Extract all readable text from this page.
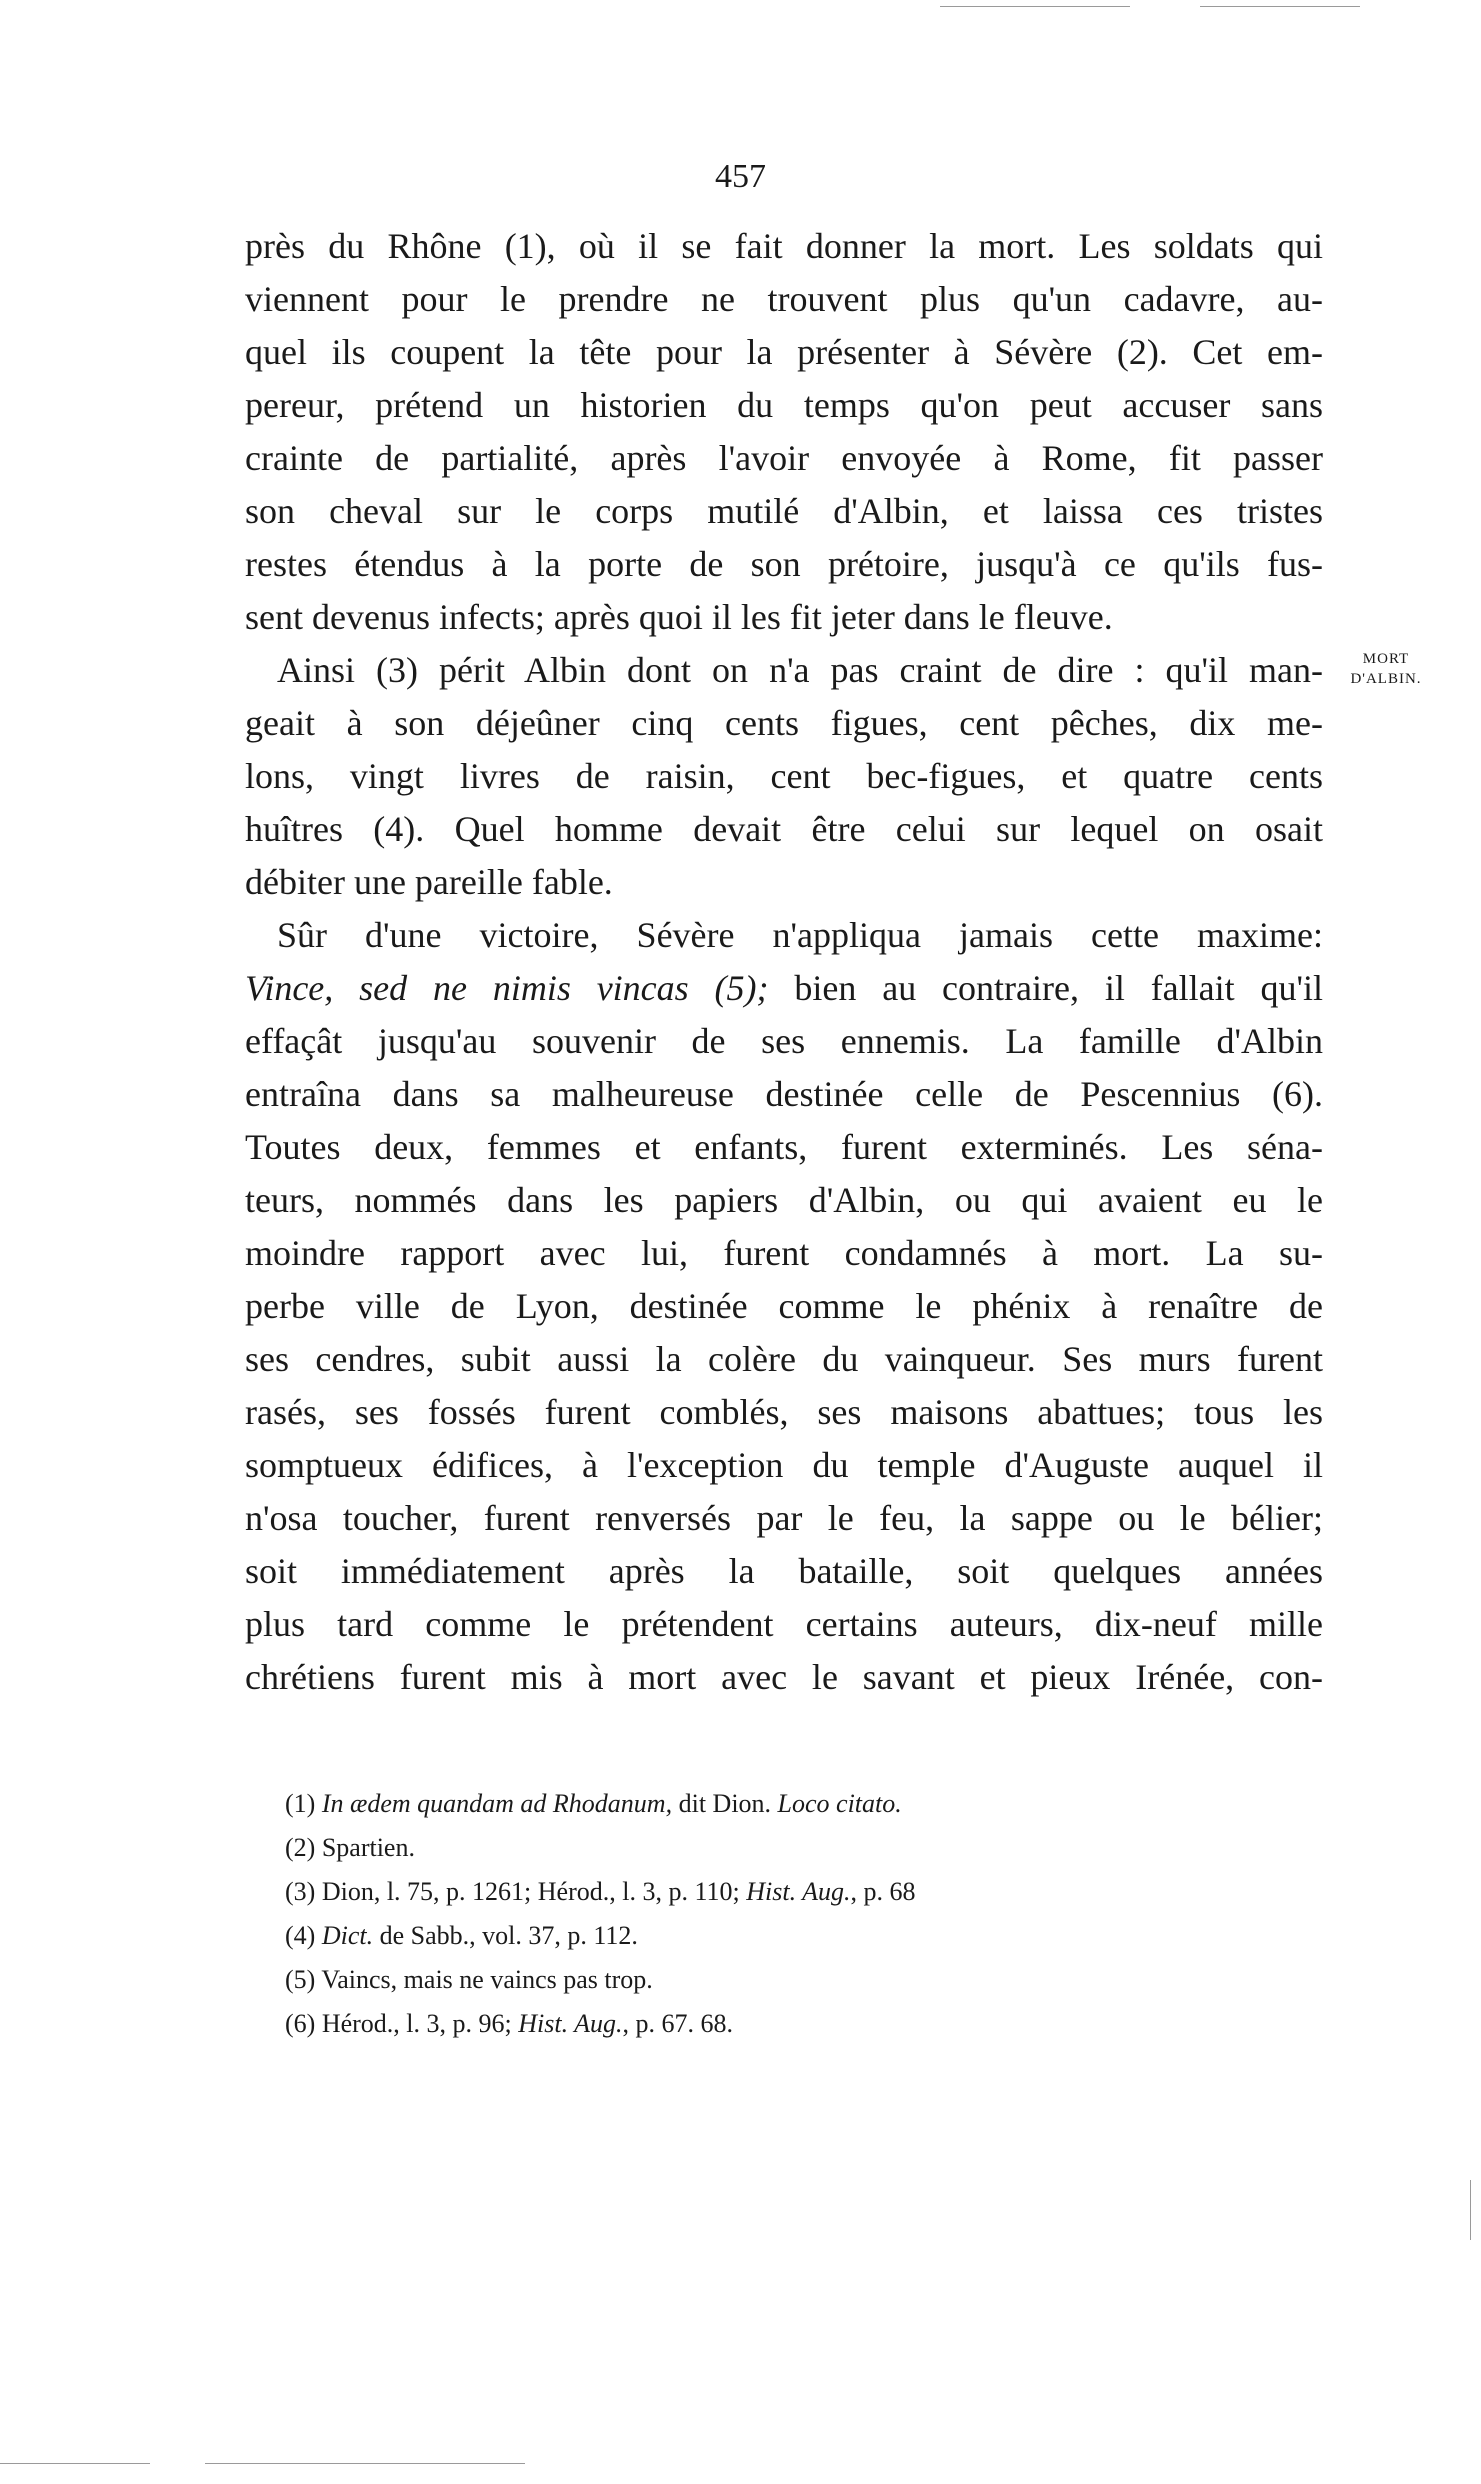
457
près du Rhône (1), où il se fait donner la mort. Les soldats qui
viennent pour le prendre ne trouvent plus qu'un cadavre, au-
quel ils coupent la tête pour la présenter à Sévère (2). Cet em-
pereur, prétend un historien du temps qu'on peut accuser sans
crainte de partialité, après l'avoir envoyée à Rome, fit passer
son cheval sur le corps mutilé d'Albin, et laissa ces tristes
restes étendus à la porte de son prétoire, jusqu'à ce qu'ils fus-
sent devenus infects; après quoi il les fit jeter dans le fleuve.
Ainsi (3) périt Albin dont on n'a pas craint de dire : qu'il man-
geait à son déjeûner cinq cents figues, cent pêches, dix me-
lons, vingt livres de raisin, cent bec-figues, et quatre cents
huîtres (4). Quel homme devait être celui sur lequel on osait
débiter une pareille fable.
Sûr d'une victoire, Sévère n'appliqua jamais cette maxime:
Vince, sed ne nimis vincas (5); bien au contraire, il fallait qu'il
effaçât jusqu'au souvenir de ses ennemis. La famille d'Albin
entraîna dans sa malheureuse destinée celle de Pescennius (6).
Toutes deux, femmes et enfants, furent exterminés. Les séna-
teurs, nommés dans les papiers d'Albin, ou qui avaient eu le
moindre rapport avec lui, furent condamnés à mort. La su-
perbe ville de Lyon, destinée comme le phénix à renaître de
ses cendres, subit aussi la colère du vainqueur. Ses murs furent
rasés, ses fossés furent comblés, ses maisons abattues; tous les
somptueux édifices, à l'exception du temple d'Auguste auquel il
n'osa toucher, furent renversés par le feu, la sappe ou le bélier;
soit immédiatement après la bataille, soit quelques années
plus tard comme le prétendent certains auteurs, dix-neuf mille
chrétiens furent mis à mort avec le savant et pieux Irénée, con-
MORT
D'ALBIN.
(1) In ædem quandam ad Rhodanum, dit Dion. Loco citato.
(2) Spartien.
(3) Dion, l. 75, p. 1261; Hérod., l. 3, p. 110; Hist. Aug., p. 68
(4) Dict. de Sabb., vol. 37, p. 112.
(5) Vaincs, mais ne vaincs pas trop.
(6) Hérod., l. 3, p. 96; Hist. Aug., p. 67. 68.
